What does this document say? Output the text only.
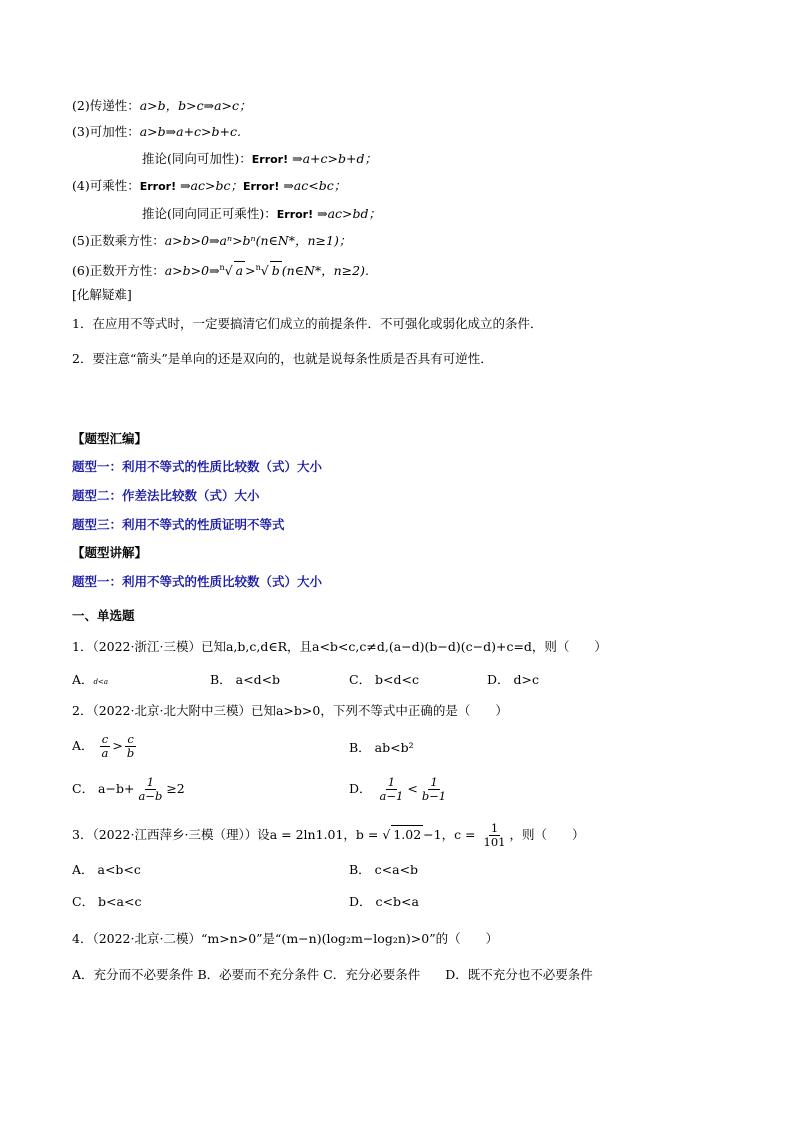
(2)传递性：a>b，b>c⇒a>c；
(3)可加性：a>b⇒a+c>b+c.
推论(同向可加性)：Error! ⇒a+c>b+d；
(4)可乘性：Error! ⇒ac>bc；Error! ⇒ac<bc；
推论(同向同正可乘性)：Error! ⇒ac>bd；
(5)正数乘方性：a>b>0⇒aⁿ>bⁿ(n∈N*，n≥1)；
(6)正数开方性：a>b>0⇒$^n$√ a >$^n$√ b (n∈N*，n≥2).
[化解疑难]
1．在应用不等式时，一定要搞清它们成立的前提条件．不可强化或弱化成立的条件．
2．要注意“箭头”是单向的还是双向的，也就是说每条性质是否具有可逆性．
【题型汇编】
题型一：利用不等式的性质比较数（式）大小
题型二：作差法比较数（式）大小
题型三：利用不等式的性质证明不等式
【题型讲解】
题型一：利用不等式的性质比较数（式）大小
一、单选题
1．（2022·浙江·三模）已知a,b,c,d∈R，且a<b<c,c≠d,(a−d)(b−d)(c−d)+c=d，则（　　）
A．d<a	B． a<d<b	C． b<d<c	D． d>c
2．（2022·北京·北大附中三模）已知a>b>0，下列不等式中正确的是（　　）
A． $\frac{c}{a} > \frac{c}{b}$	B． ab<b²
C． $a-b+ \frac{1}{a-b} \ge 2$	D． $\frac{1}{a-1} < \frac{1}{b-1}$
3．（2022·江西萍乡·三模（理））设a = 2ln1.01，b = √ 1.02 −1，$c = \frac{1}{101}$ ，则（　　）
A． a<b<c	B． c<a<b
C． b<a<c	D． c<b<a
4．（2022·北京·二模）“m>n>0”是“(m−n)(log₂m−log₂n)>0”的（　　）
A．充分而不必要条件 B．必要而不充分条件 C．充分必要条件　　D．既不充分也不必要条件
